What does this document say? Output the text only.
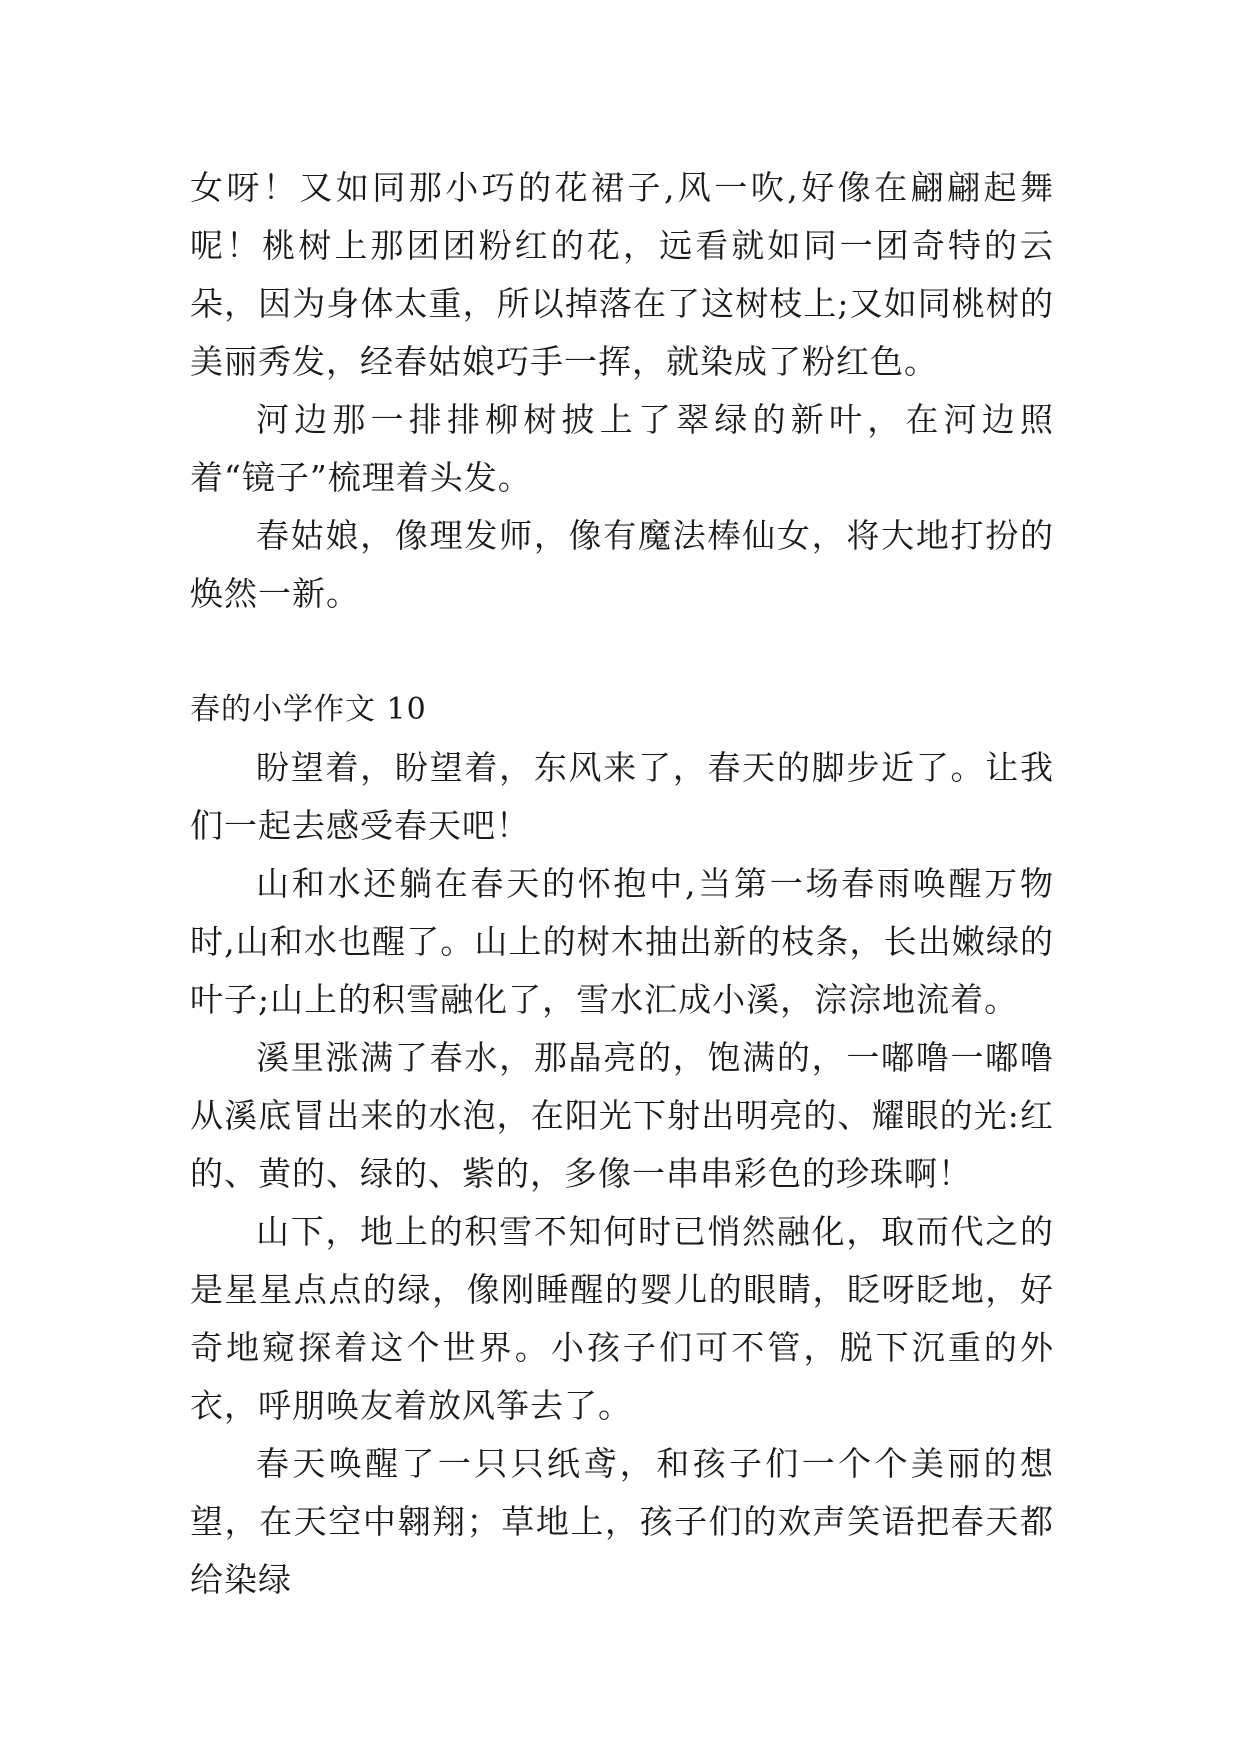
女呀！又如同那小巧的花裙子,风一吹,好像在翩翩起舞呢！桃树上那团团粉红的花，远看就如同一团奇特的云朵，因为身体太重，所以掉落在了这树枝上;又如同桃树的美丽秀发，经春姑娘巧手一挥，就染成了粉红色。

河边那一排排柳树披上了翠绿的新叶，在河边照着“镜子”梳理着头发。

春姑娘，像理发师，像有魔法棒仙女，将大地打扮的焕然一新。

春的小学作文 10

盼望着，盼望着，东风来了，春天的脚步近了。让我们一起去感受春天吧！

山和水还躺在春天的怀抱中,当第一场春雨唤醒万物时,山和水也醒了。山上的树木抽出新的枝条，长出嫩绿的叶子;山上的积雪融化了，雪水汇成小溪，淙淙地流着。

溪里涨满了春水，那晶亮的，饱满的，一嘟噜一嘟噜从溪底冒出来的水泡，在阳光下射出明亮的、耀眼的光:红的、黄的、绿的、紫的，多像一串串彩色的珍珠啊！

山下，地上的积雪不知何时已悄然融化，取而代之的是星星点点的绿，像刚睡醒的婴儿的眼睛，眨呀眨地，好奇地窥探着这个世界。小孩子们可不管，脱下沉重的外衣，呼朋唤友着放风筝去了。

春天唤醒了一只只纸鸢，和孩子们一个个美丽的想望，在天空中翱翔；草地上，孩子们的欢声笑语把春天都给染绿
